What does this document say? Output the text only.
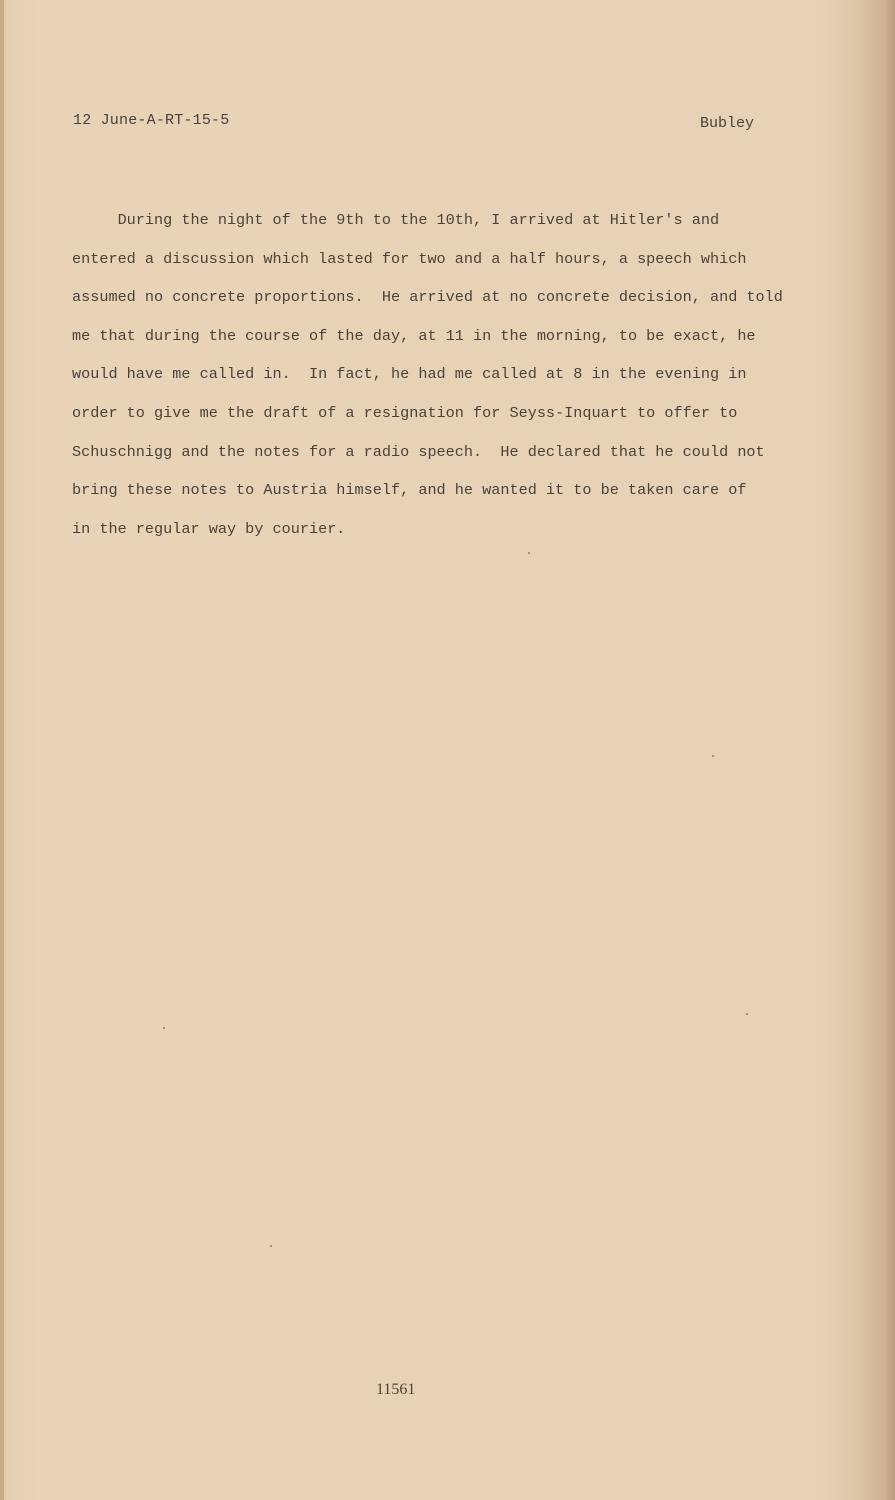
12 June-A-RT-15-5	Bubley
During the night of the 9th to the 10th, I arrived at Hitler's and
entered a discussion which lasted for two and a half hours, a speech which
assumed no concrete proportions.  He arrived at no concrete decision, and told
me that during the course of the day, at 11 in the morning, to be exact, he
would have me called in.  In fact, he had me called at 8 in the evening in
order to give me the draft of a resignation for Seyss-Inquart to offer to
Schuschnigg and the notes for a radio speech.  He declared that he could not
bring these notes to Austria himself, and he wanted it to be taken care of
in the regular way by courier.
11561
